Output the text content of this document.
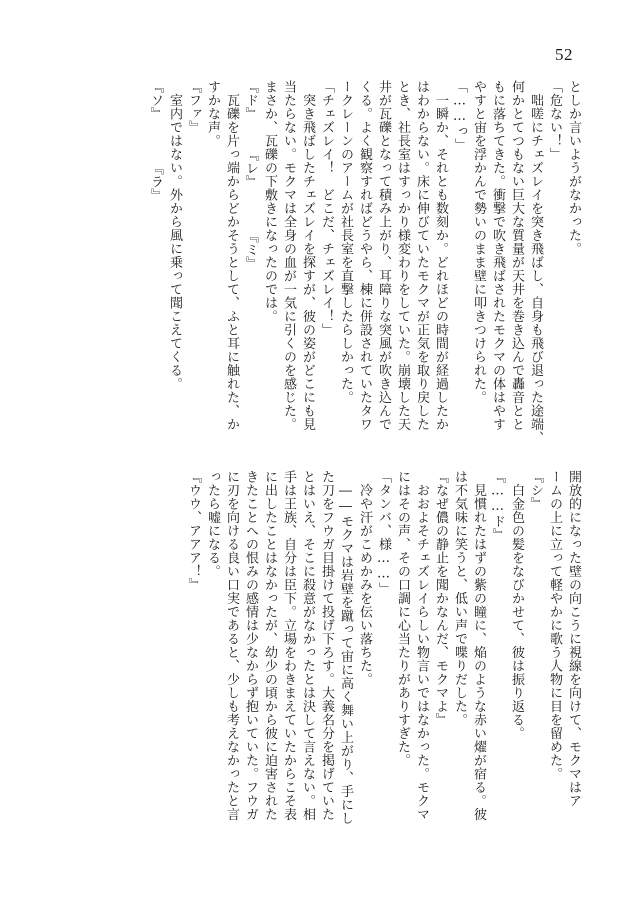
52
としか言いようがなかった。
「危ない！」
　咄嗟にチェズレイを突き飛ばし、自身も飛び退った途端、
何かとてつもない巨大な質量が天井を巻き込んで轟音とと
もに落ちてきた。衝撃で吹き飛ばされたモクマの体はやす
やすと宙を浮かんで勢いのまま壁に叩きつけられた。
「……っ」
　一瞬か、それとも数刻か。どれほどの時間が経過したか
はわからない。床に伸びていたモクマが正気を取り戻した
とき、社長室はすっかり様変わりをしていた。崩壊した天
井が瓦礫となって積み上がり、耳障りな突風が吹き込んで
くる。よく観察すればどうやら、棟に併設されていたタワ
ークレーンのアームが社長室を直撃したらしかった。
「チェズレイ！　どこだ、チェズレイ！」
　突き飛ばしたチェズレイを探すが、彼の姿がどこにも見
当たらない。モクマは全身の血が一気に引くのを感じた。
まさか、瓦礫の下敷きになったのでは。
『ド』　　　『レ』　　　　『ミ』
　瓦礫を片っ端からどかそうとして、ふと耳に触れた、か
すかな声。
『ファ』
　室内ではない。外から風に乗って聞こえてくる。
『ソ』　　　　『ラ』
開放的になった壁の向こうに視線を向けて、モクマはア
ームの上に立って軽やかに歌う人物に目を留めた。
『シ』
　白金色の髪をなびかせて、彼は振り返る。
『……ド』
　見慣れたはずの紫の瞳に、焔のような赤い燿が宿る。彼
は不気味に笑うと、低い声で喋りだした。
『なぜ儂の静止を聞かなんだ、モクマよ』
　おおよそチェズレイらしい物言いではなかった。モクマ
にはその声、その口調に心当たりがありすぎた。
「タンバ、様……」
　冷や汗がこめかみを伝い落ちた。
　――モクマは岩壁を蹴って宙に高く舞い上がり、手にし
た刀をフウガ目掛けて投げ下ろす。大義名分を掲げていた
とはいえ、そこに殺意がなかったとは決して言えない。相
手は王族、自分は臣下。立場をわきまえていたからこそ表
に出したことはなかったが、幼少の頃から彼に迫害された
きたことへの恨みの感情は少なからず抱いていた。フウガ
に刃を向ける良い口実であると、少しも考えなかったと言
ったら嘘になる。
『ウウ、アアア！』
